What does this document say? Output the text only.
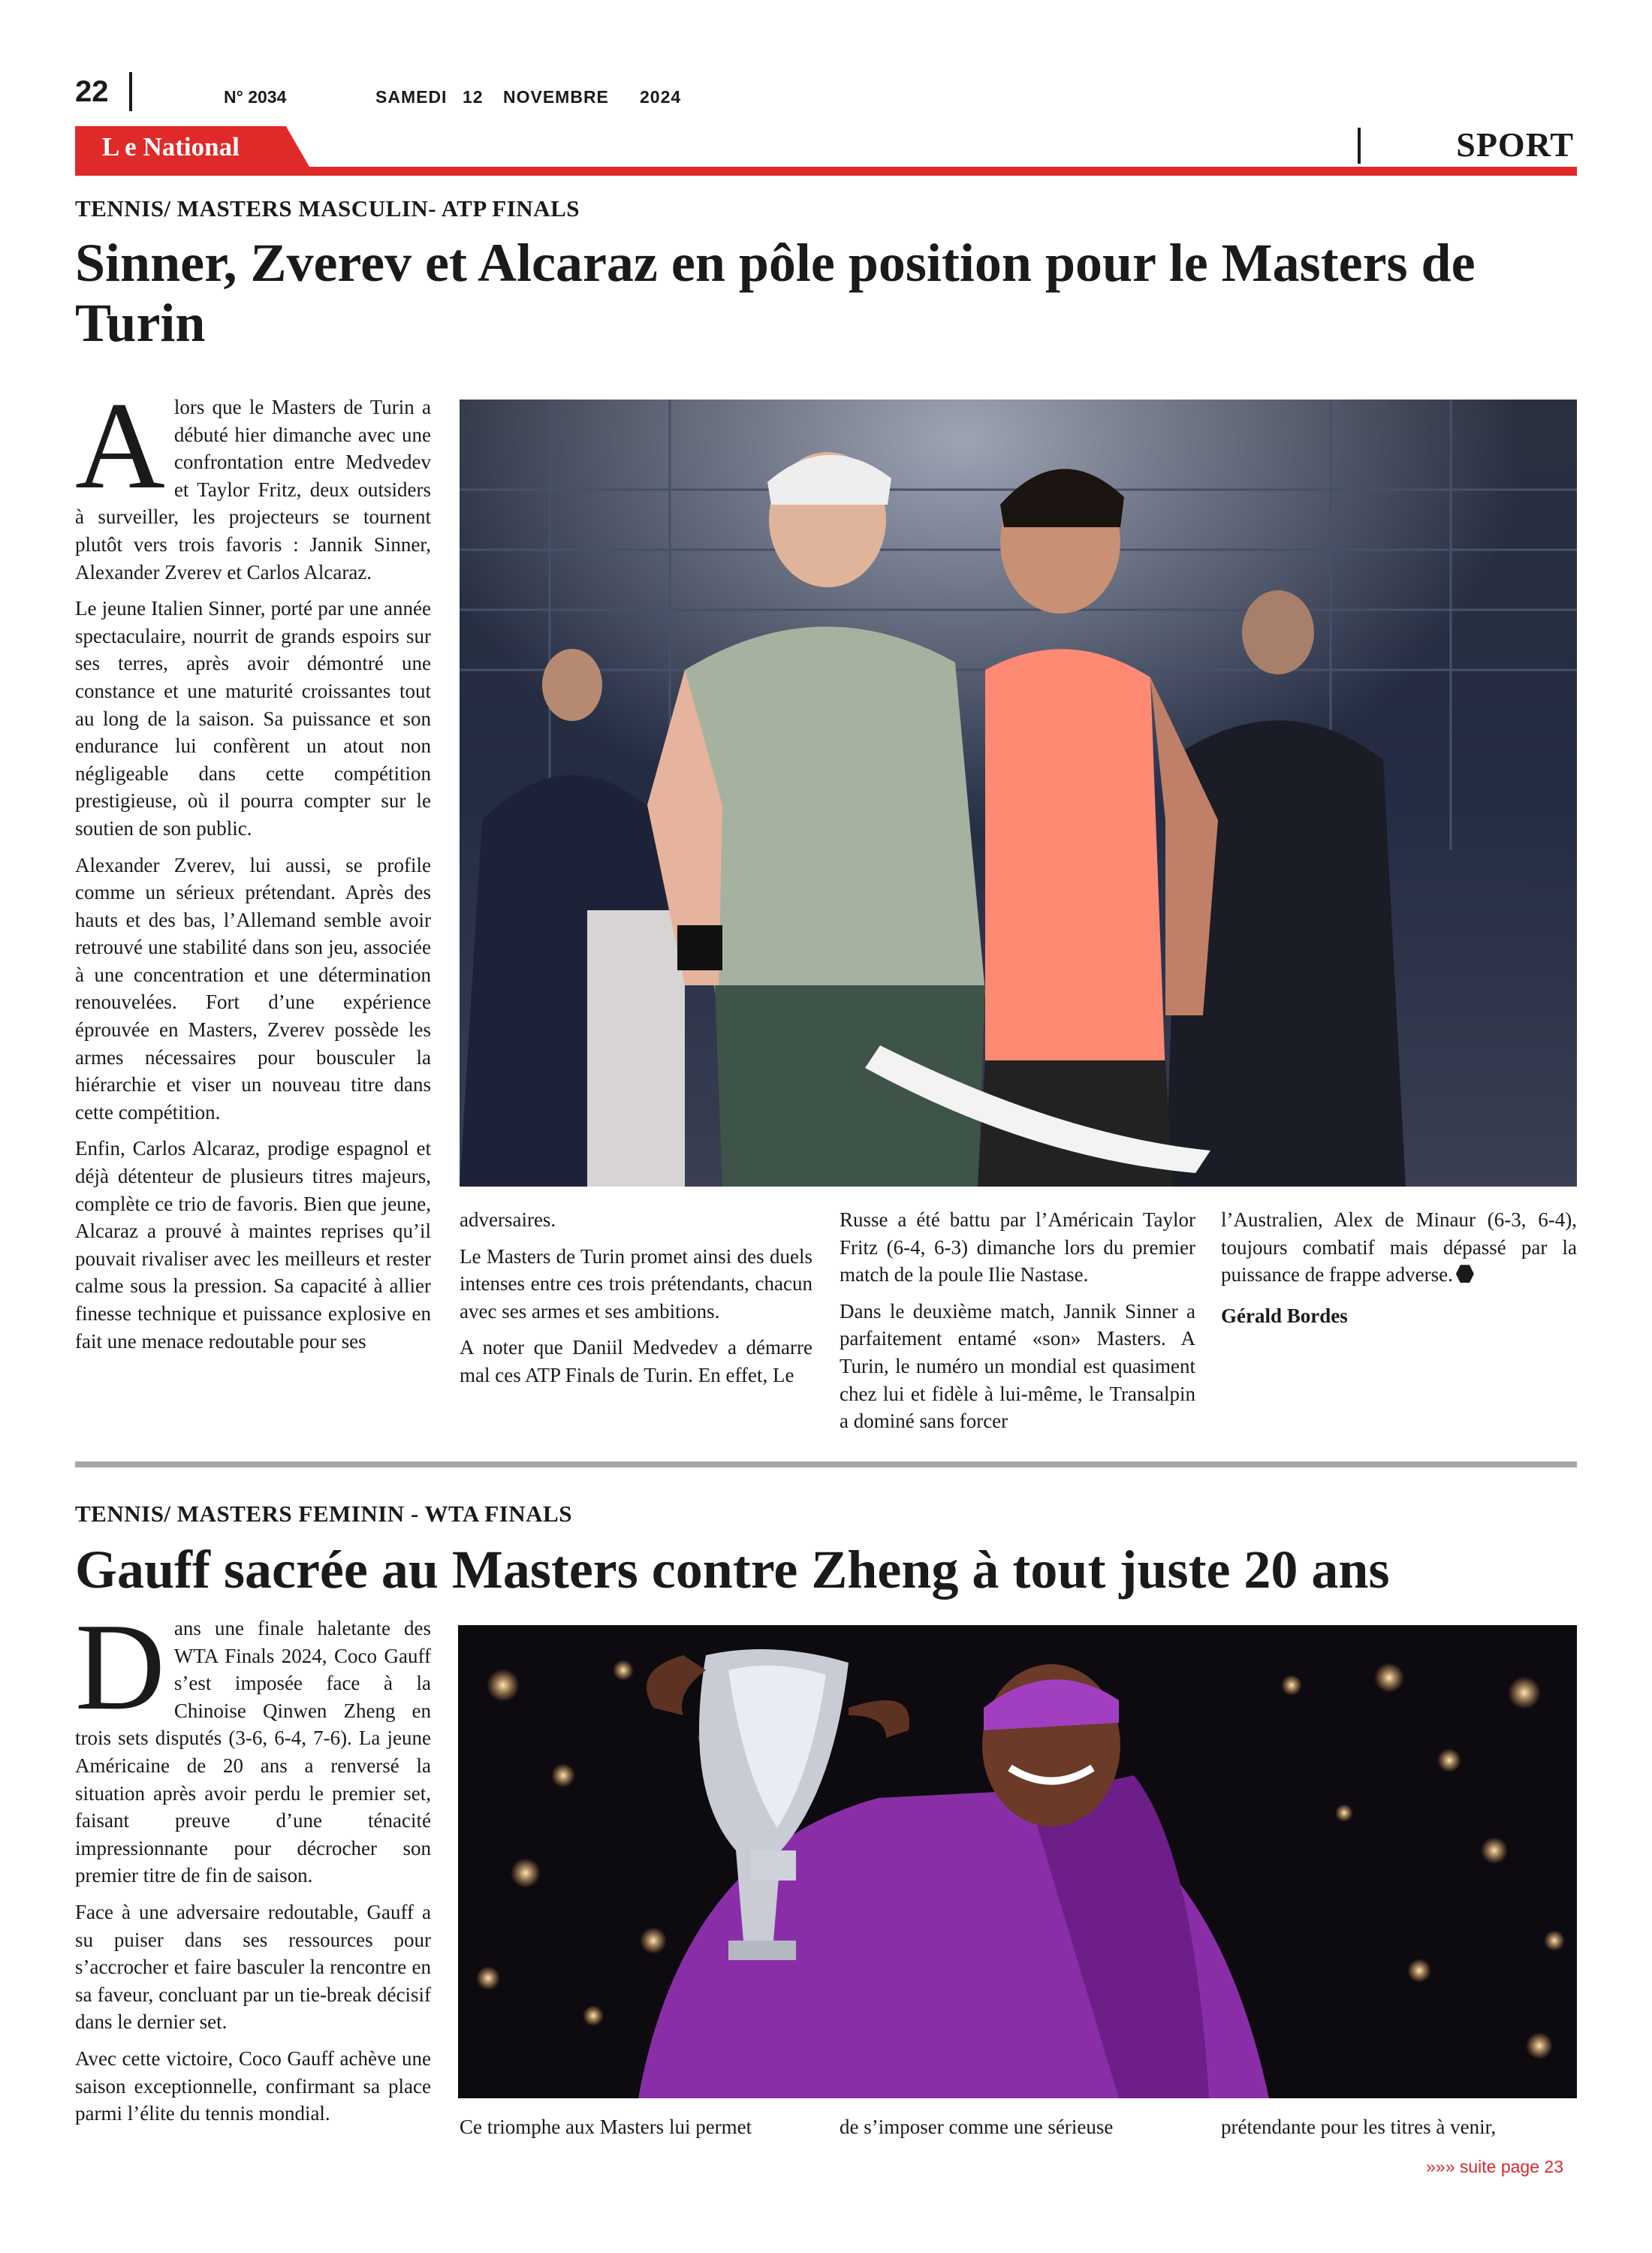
22	N° 2034	SAMEDI 12 NOVEMBRE 2024
L e National	SPORT
TENNIS/ MASTERS MASCULIN- ATP FINALS
Sinner, Zverev et Alcaraz en pôle position pour le Masters de Turin
A lors que le Masters de Turin a débuté hier dimanche avec une confrontation entre Medvedev et Taylor Fritz, deux outsiders à surveiller, les projecteurs se tournent plutôt vers trois favoris : Jannik Sinner, Alexander Zverev et Carlos Alcaraz.

Le jeune Italien Sinner, porté par une année spectaculaire, nourrit de grands espoirs sur ses terres, après avoir démontré une constance et une maturité croissantes tout au long de la saison. Sa puissance et son endurance lui confèrent un atout non négligeable dans cette compétition prestigieuse, où il pourra compter sur le soutien de son public.

Alexander Zverev, lui aussi, se profile comme un sérieux prétendant. Après des hauts et des bas, l’Allemand semble avoir retrouvé une stabilité dans son jeu, associée à une concentration et une détermination renouvelées. Fort d’une expérience éprouvée en Masters, Zverev possède les armes nécessaires pour bousculer la hiérarchie et viser un nouveau titre dans cette compétition.

Enfin, Carlos Alcaraz, prodige espagnol et déjà détenteur de plusieurs titres majeurs, complète ce trio de favoris. Bien que jeune, Alcaraz a prouvé à maintes reprises qu’il pouvait rivaliser avec les meilleurs et rester calme sous la pression. Sa capacité à allier finesse technique et puissance explosive en fait une menace redoutable pour ses

adversaires.

Le Masters de Turin promet ainsi des duels intenses entre ces trois prétendants, chacun avec ses armes et ses ambitions.

A noter que Daniil Medvedev a démarre mal ces ATP Finals de Turin. En effet, Le

Russe a été battu par l’Américain Taylor Fritz (6-4, 6-3) dimanche lors du premier match de la poule Ilie Nastase.

Dans le deuxième match, Jannik Sinner a parfaitement entamé «son» Masters. A Turin, le numéro un mondial est quasiment chez lui et fidèle à lui-même, le Transalpin a dominé sans forcer

l’Australien, Alex de Minaur (6-3, 6-4), toujours combatif mais dépassé par la puissance de frappe adverse.

Gérald Bordes

TENNIS/ MASTERS FEMININ - WTA FINALS
Gauff sacrée au Masters contre Zheng à tout juste 20 ans
D ans une finale haletante des WTA Finals 2024, Coco Gauff s’est imposée face à la Chinoise Qinwen Zheng en trois sets disputés (3-6, 6-4, 7-6). La jeune Américaine de 20 ans a renversé la situation après avoir perdu le premier set, faisant preuve d’une ténacité impressionnante pour décrocher son premier titre de fin de saison.

Face à une adversaire redoutable, Gauff a su puiser dans ses ressources pour s’accrocher et faire basculer la rencontre en sa faveur, concluant par un tie-break décisif dans le dernier set.

Avec cette victoire, Coco Gauff achève une saison exceptionnelle, confirmant sa place parmi l’élite du tennis mondial.

Ce triomphe aux Masters lui permet	de s’imposer comme une sérieuse	prétendante pour les titres à venir,

»»» suite page 23
